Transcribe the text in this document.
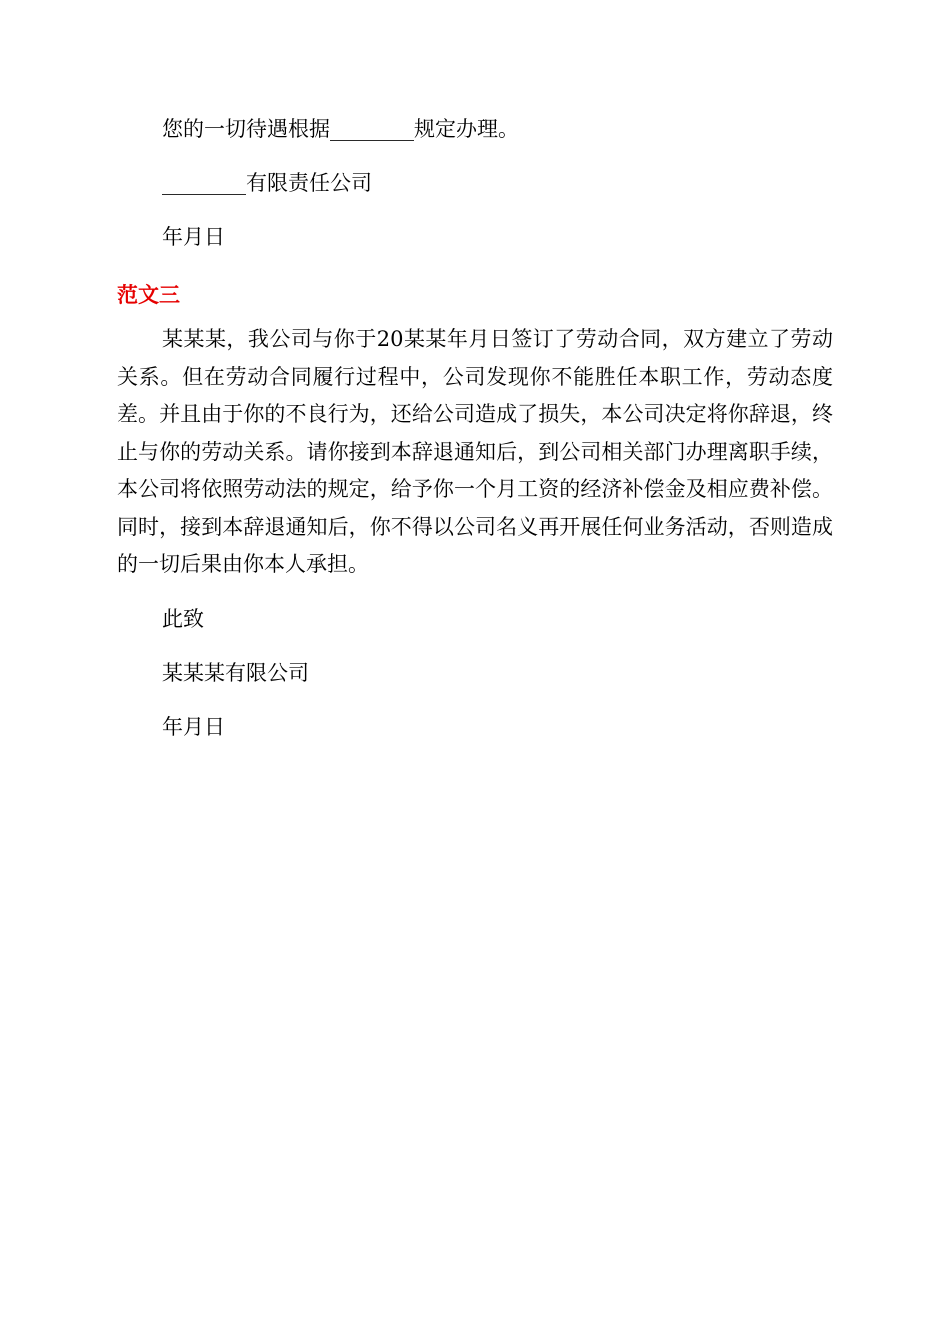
您的一切待遇根据________规定办理。
________有限责任公司
年月日
范文三
某某某，我公司与你于20某某年月日签订了劳动合同，双方建立了劳动关系。但在劳动合同履行过程中，公司发现你不能胜任本职工作，劳动态度差。并且由于你的不良行为，还给公司造成了损失，本公司决定将你辞退，终止与你的劳动关系。请你接到本辞退通知后，到公司相关部门办理离职手续，本公司将依照劳动法的规定，给予你一个月工资的经济补偿金及相应费补偿。同时，接到本辞退通知后，你不得以公司名义再开展任何业务活动，否则造成的一切后果由你本人承担。
此致
某某某有限公司
年月日
